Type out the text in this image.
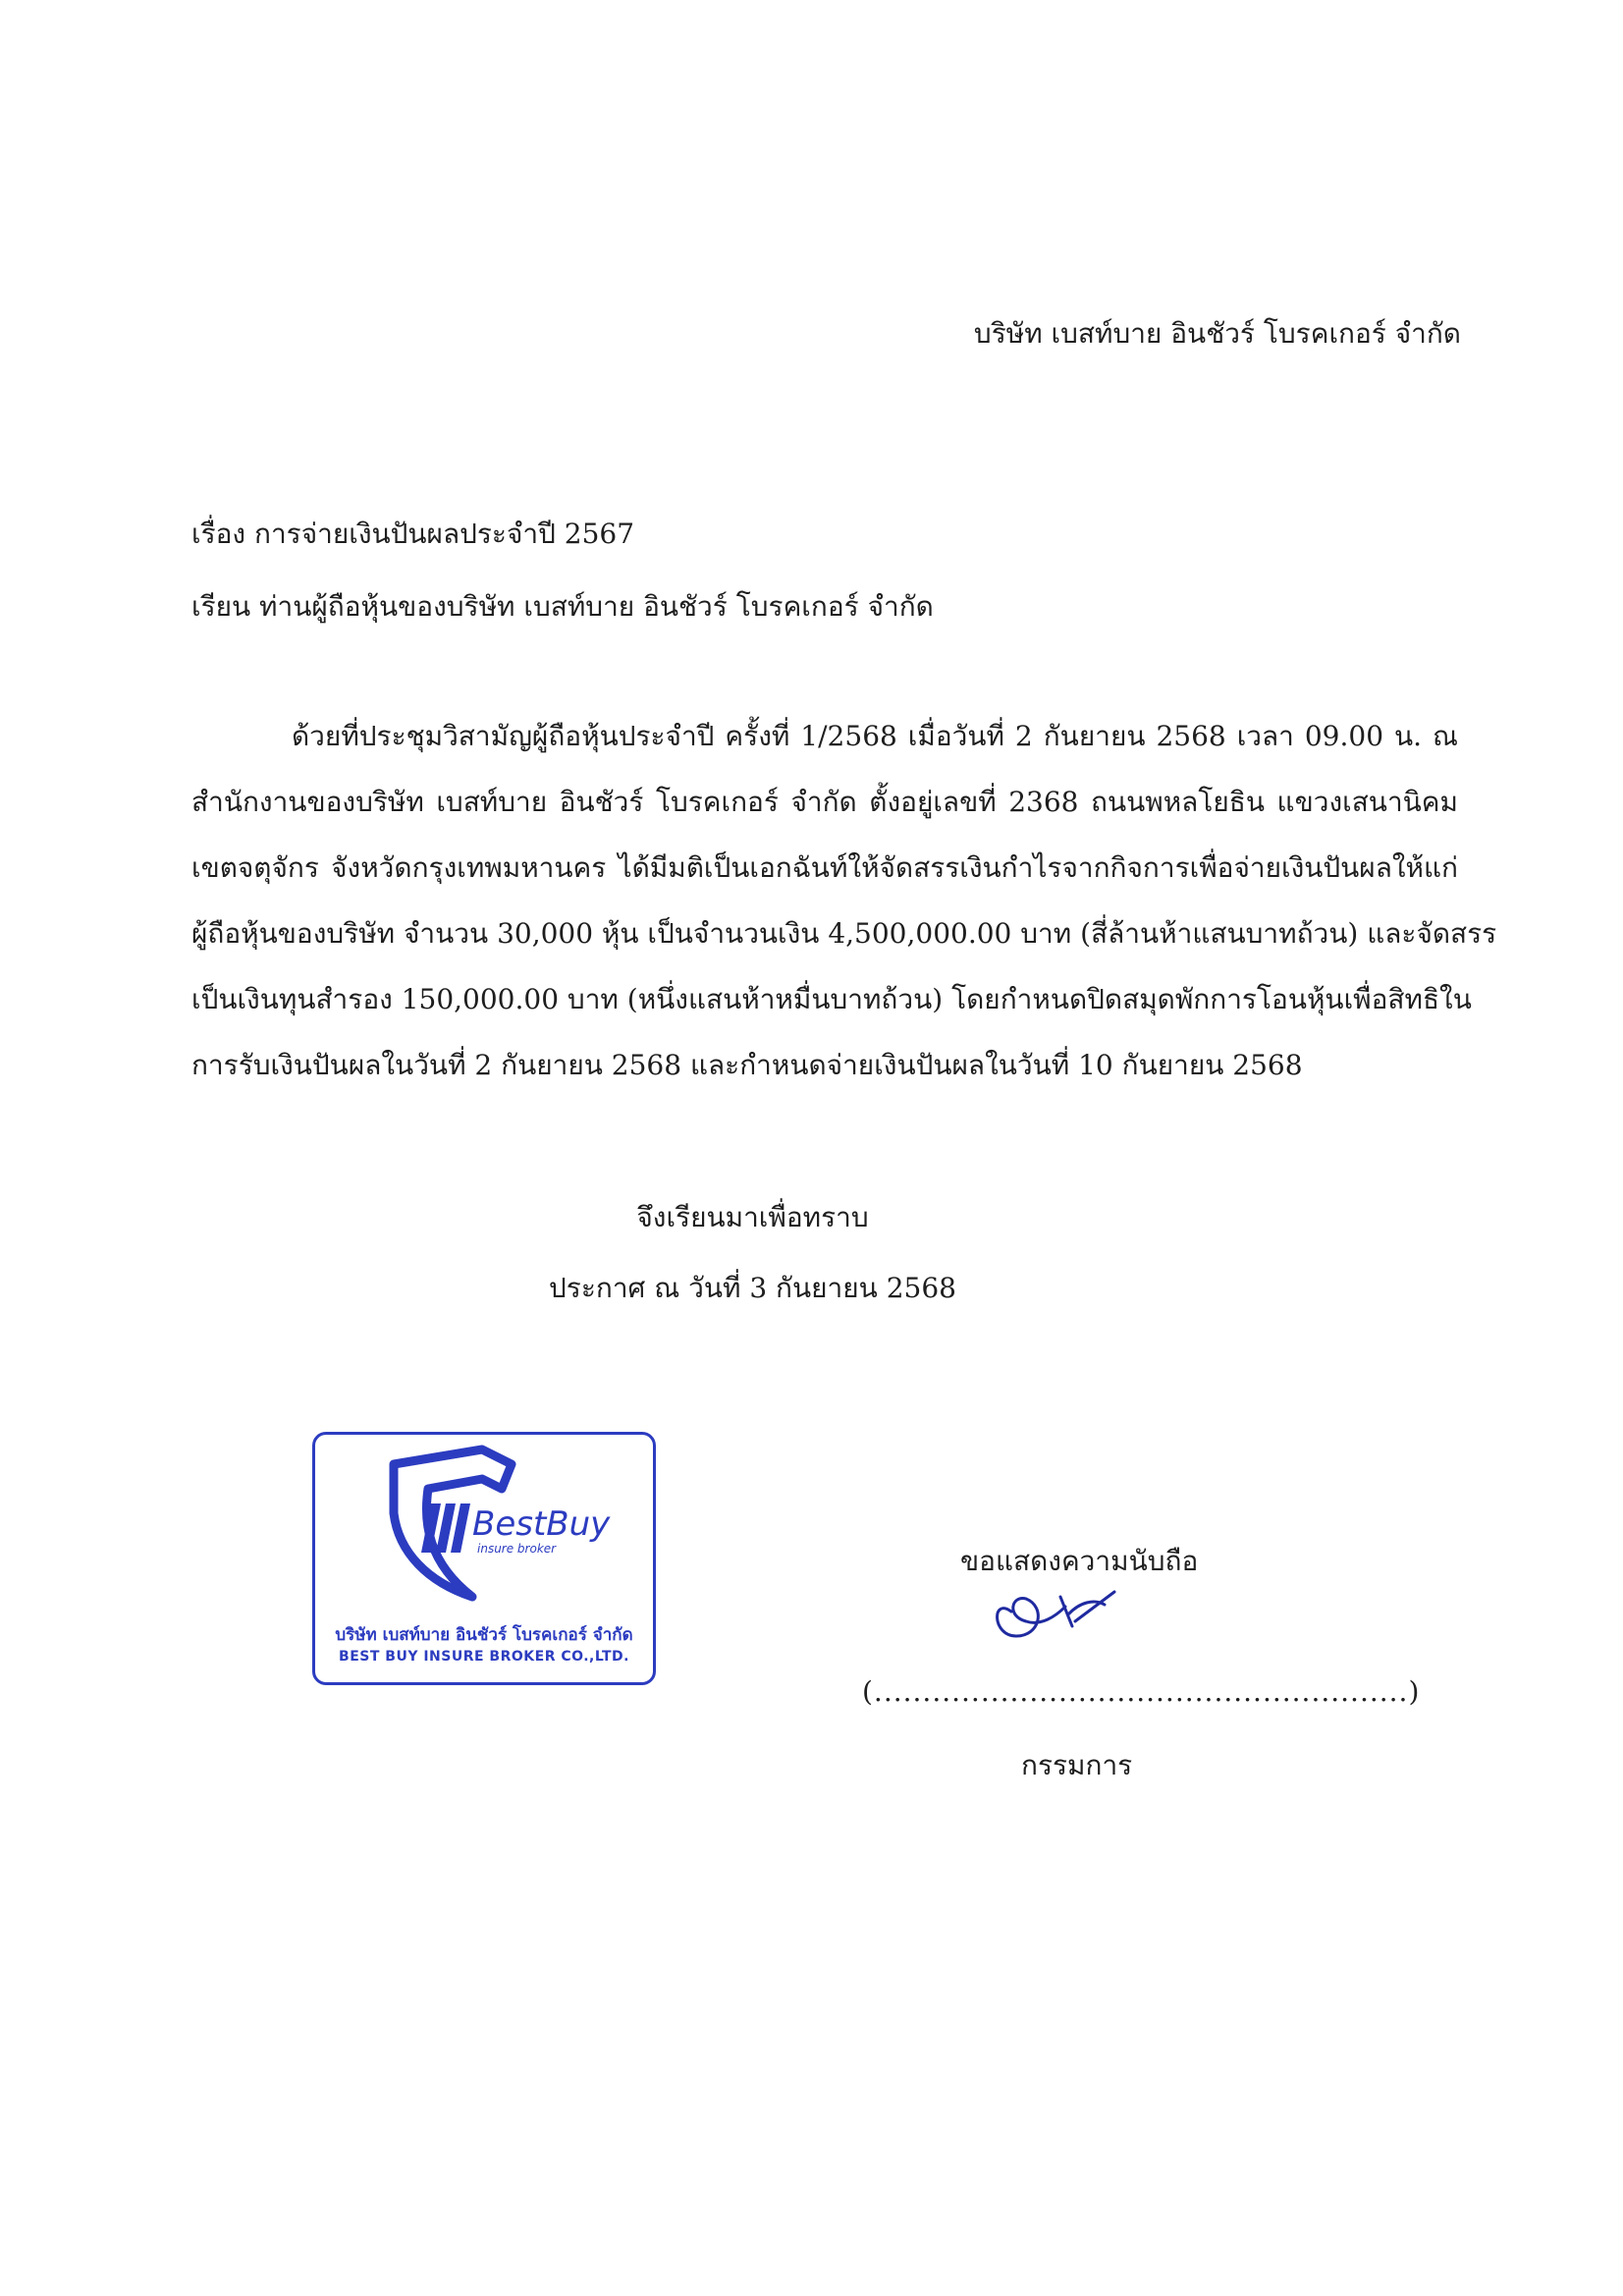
บริษัท เบสท์บาย อินชัวร์ โบรคเกอร์ จำกัด
เรื่อง การจ่ายเงินปันผลประจำปี 2567
เรียน ท่านผู้ถือหุ้นของบริษัท เบสท์บาย อินชัวร์ โบรคเกอร์ จำกัด
ด้วยที่ประชุมวิสามัญผู้ถือหุ้นประจำปี ครั้งที่ 1/2568 เมื่อวันที่ 2 กันยายน 2568 เวลา 09.00 น. ณ
สำนักงานของบริษัท เบสท์บาย อินชัวร์ โบรคเกอร์ จำกัด ตั้งอยู่เลขที่ 2368 ถนนพหลโยธิน แขวงเสนานิคม
เขตจตุจักร จังหวัดกรุงเทพมหานคร ได้มีมติเป็นเอกฉันท์ให้จัดสรรเงินกำไรจากกิจการเพื่อจ่ายเงินปันผลให้แก่
ผู้ถือหุ้นของบริษัท จำนวน 30,000 หุ้น เป็นจำนวนเงิน 4,500,000.00 บาท (สี่ล้านห้าแสนบาทถ้วน) และจัดสรร
เป็นเงินทุนสำรอง 150,000.00 บาท (หนึ่งแสนห้าหมื่นบาทถ้วน) โดยกำหนดปิดสมุดพักการโอนหุ้นเพื่อสิทธิใน
การรับเงินปันผลในวันที่ 2 กันยายน 2568 และกำหนดจ่ายเงินปันผลในวันที่ 10 กันยายน 2568
จึงเรียนมาเพื่อทราบ
ประกาศ ณ วันที่ 3 กันยายน 2568
BestBuy
insure broker
บริษัท เบสท์บาย อินชัวร์ โบรคเกอร์ จำกัด
BEST BUY INSURE BROKER CO.,LTD.
ขอแสดงความนับถือ
(.......................................................)
กรรมการ
